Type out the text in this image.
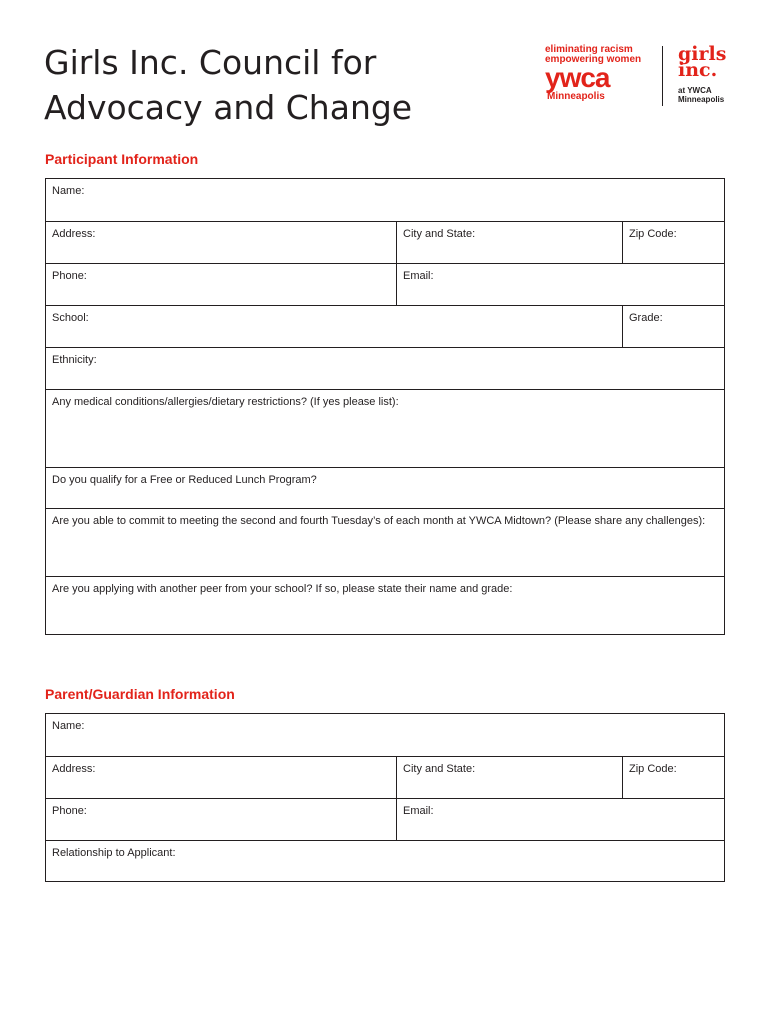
Girls Inc. Council for
Advocacy and Change
eliminating racism
empowering women
ywca
Minneapolis
girls
inc.
at YWCA
Minneapolis
Participant Information
Name:
Address:	City and State:	Zip Code:
Phone:	Email:
School:	Grade:
Ethnicity:
Any medical conditions/allergies/dietary restrictions? (If yes please list):
Do you qualify for a Free or Reduced Lunch Program?
Are you able to commit to meeting the second and fourth Tuesday’s of each month at YWCA Midtown? (Please share any challenges):
Are you applying with another peer from your school? If so, please state their name and grade:
Parent/Guardian Information
Name:
Address:	City and State:	Zip Code:
Phone:	Email:
Relationship to Applicant:
